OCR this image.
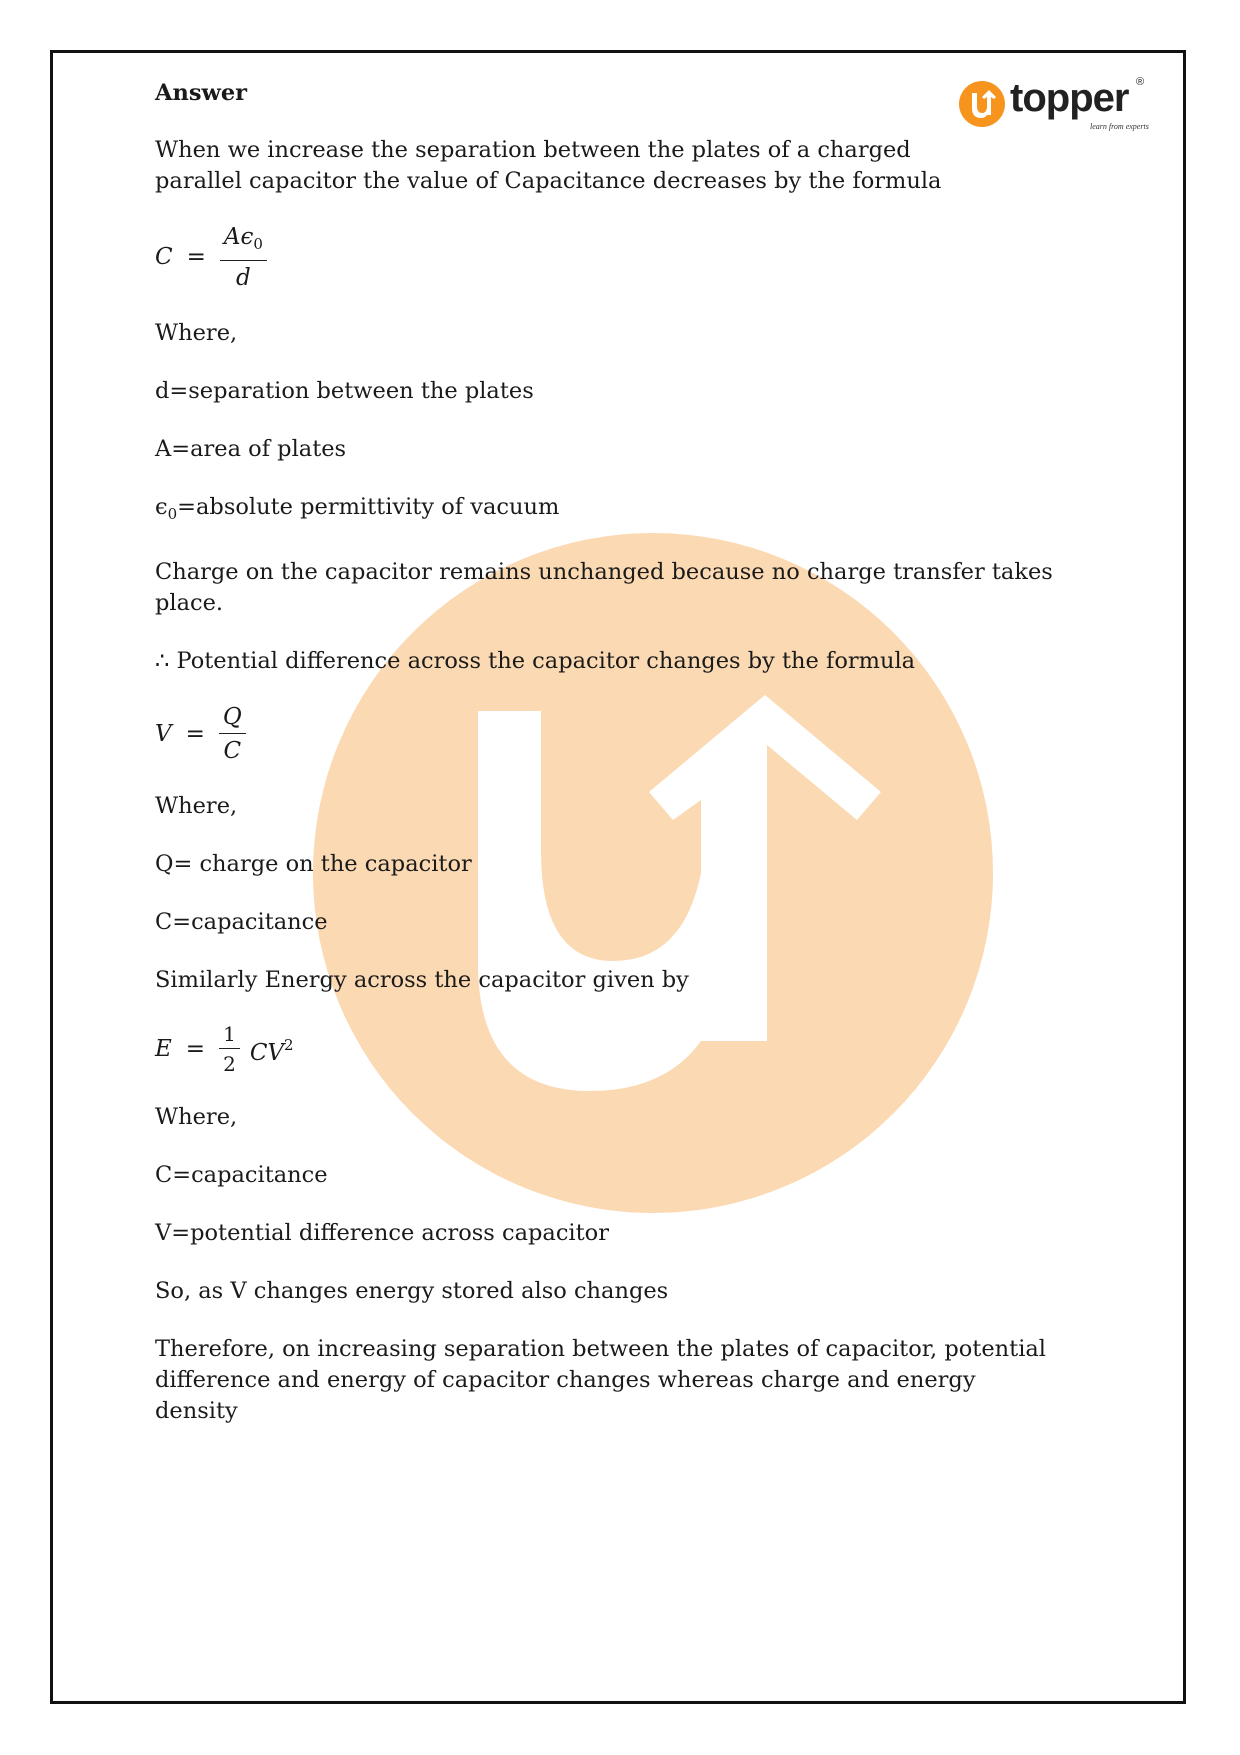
topper ®
learn from experts

Answer

When we increase the separation between the plates of a charged parallel capacitor the value of Capacitance decreases by the formula

$C = \frac{A\epsilon_0}{d}$

Where,

d=separation between the plates

A=area of plates

$\epsilon_0=absolute$ permittivity of vacuum

Charge on the capacitor remains unchanged because no charge transfer takes place.

∴ Potential difference across the capacitor changes by the formula

$V = \frac{Q}{C}$

Where,

Q= charge on the capacitor

C=capacitance

Similarly Energy across the capacitor given by

$E = \frac{1}{2} CV^2$

Where,

C=capacitance

V=potential difference across capacitor

So, as V changes energy stored also changes

Therefore, on increasing separation between the plates of capacitor, potential difference and energy of capacitor changes whereas charge and energy density
